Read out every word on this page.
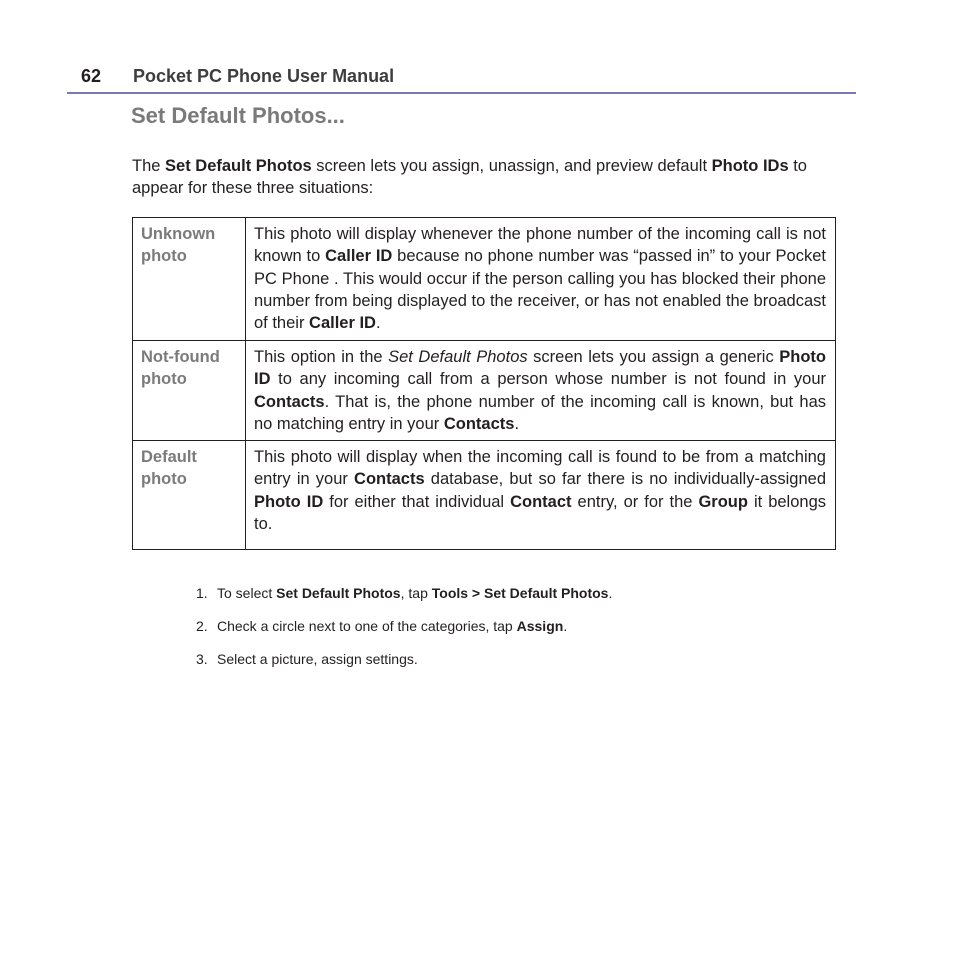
62 Pocket PC Phone User Manual
Set Default Photos...

The Set Default Photos screen lets you assign, unassign, and preview default Photo IDs to appear for these three situations:

Unknown photo	This photo will display whenever the phone number of the incoming call is not known to Caller ID because no phone number was “passed in” to your Pocket PC Phone . This would occur if the person calling you has blocked their phone number from being displayed to the receiver, or has not enabled the broadcast of their Caller ID.
Not-found photo	This option in the Set Default Photos screen lets you assign a generic Photo ID to any incoming call from a person whose number is not found in your Contacts. That is, the phone number of the incoming call is known, but has no matching entry in your Contacts.
Default photo	This photo will display when the incoming call is found to be from a matching entry in your Contacts database, but so far there is no individually-assigned Photo ID for either that individual Contact entry, or for the Group it belongs to.
1. To select Set Default Photos, tap Tools > Set Default Photos.
2. Check a circle next to one of the categories, tap Assign.
3. Select a picture, assign settings.
